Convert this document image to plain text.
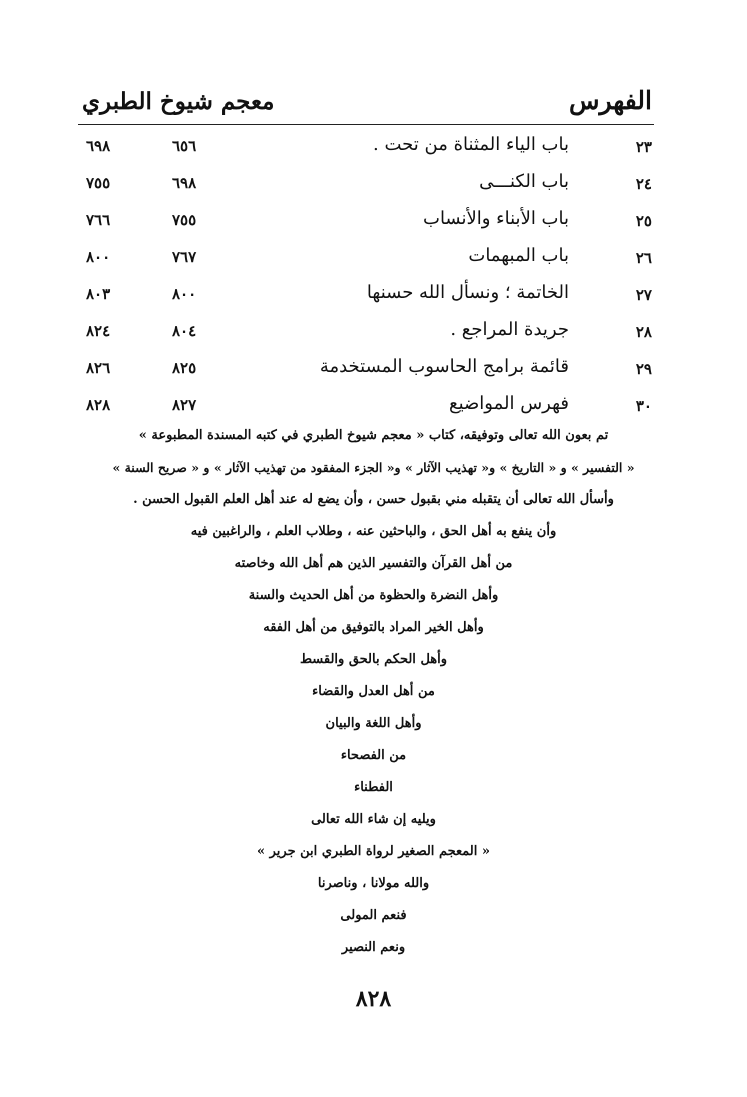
معجم شيوخ الطبري	الفهرس
٢٣
باب الياء المثناة من تحت .
٦٥٦
٦٩٨
٢٤
باب الكنـــى
٦٩٨
٧٥٥
٢٥
باب الأبناء والأنساب
٧٥٥
٧٦٦
٢٦
باب المبهمات
٧٦٧
٨٠٠
٢٧
الخاتمة ؛ ونسأل الله حسنها
٨٠٠
٨٠٣
٢٨
جريدة المراجع .
٨٠٤
٨٢٤
٢٩
قائمة برامج الحاسوب المستخدمة
٨٢٥
٨٢٦
٣٠
فهرس المواضيع
٨٢٧
٨٢٨
تم بعون الله تعالى وتوفيقه، كتاب « معجم شيوخ الطبري في كتبه المسندة المطبوعة »
« التفسير » و « التاريخ » و« تهذيب الآثار » و« الجزء المفقود من تهذيب الآثار » و « صريح السنة »
وأسأل الله تعالى أن يتقبله مني بقبول حسن ، وأن يضع له عند أهل العلم القبول الحسن .
وأن ينفع به أهل الحق ، والباحثين عنه ، وطلاب العلم ، والراغبين فيه
من أهل القرآن والتفسير الذين هم أهل الله وخاصته
وأهل النضرة والحظوة من أهل الحديث والسنة
وأهل الخير المراد بالتوفيق من أهل الفقه
وأهل الحكم بالحق والقسط
من أهل العدل والقضاء
وأهل اللغة والبيان
من الفصحاء
الفطناء
ويليه إن شاء الله تعالى
« المعجم الصغير لرواة الطبري ابن جرير »
والله مولانا ، وناصرنا
فنعم المولى
ونعم النصير
٨٢٨
